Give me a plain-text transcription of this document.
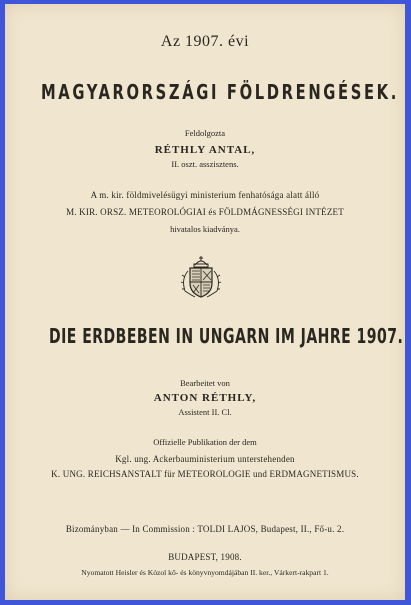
Az 1907. évi
MAGYARORSZÁGI FÖLDRENGÉSEK.
Feldolgozta
RÉTHLY ANTAL,
II. oszt. asszisztens.
A m. kir. földmivelésügyi ministerium fenhatósága alatt álló
M. KIR. ORSZ. METEOROLÓGIAI és FÖLDMÁGNESSÉGI INTÉZET
hivatalos kiadványa.
DIE ERDBEBEN IN UNGARN IM JAHRE 1907.
Bearbeitet von
ANTON RÉTHLY,
Assistent II. Cl.
Offizielle Publikation der dem
Kgl. ung. Ackerbauministerium unterstehenden
K. UNG. REICHSANSTALT für METEOROLOGIE und ERDMAGNETISMUS.
Bizományban — In Commission : TOLDI LAJOS, Budapest, II., Fő-u. 2.
BUDAPEST, 1908.
Nyomatott Heisler és Kózol kő- és könyvnyomdájában II. ker., Várkert-rakpart 1.
